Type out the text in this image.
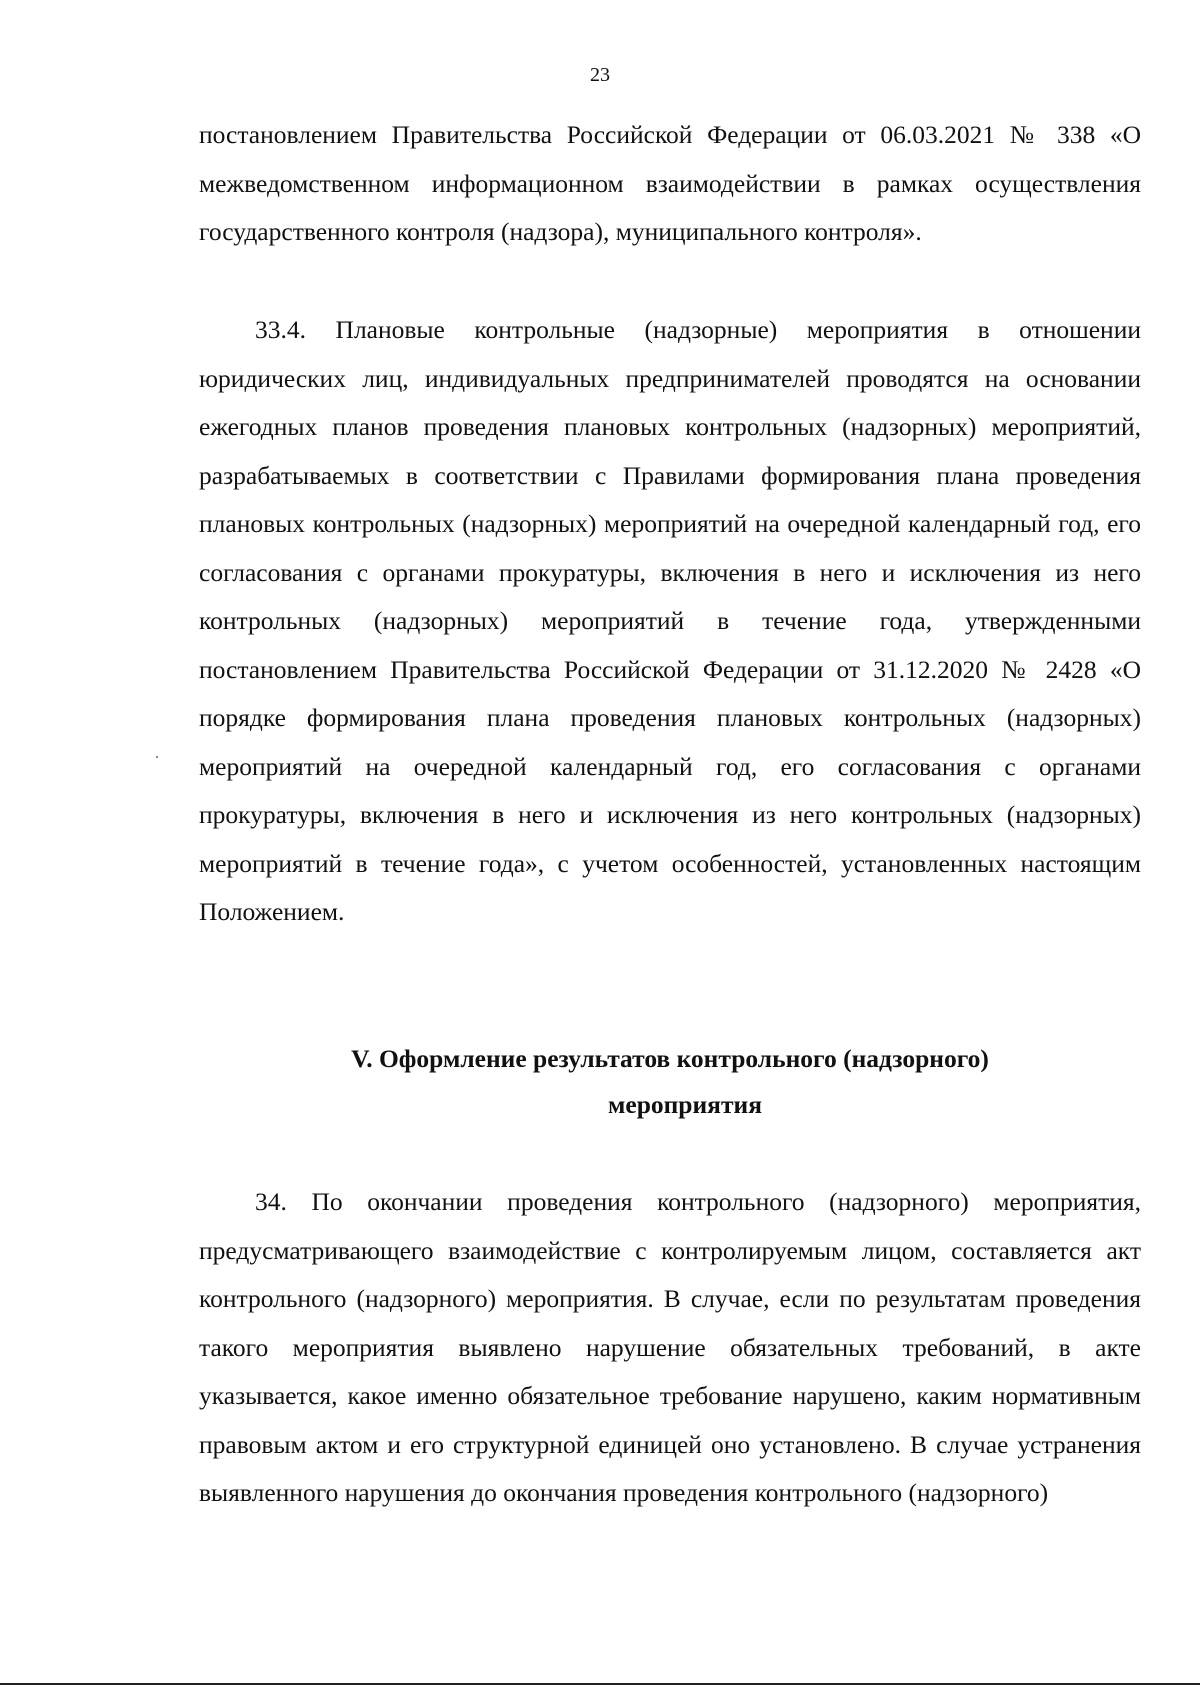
23

постановлением Правительства Российской Федерации от 06.03.2021 № 338 «О межведомственном информационном взаимодействии в рамках осуществления государственного контроля (надзора), муниципального контроля».

33.4. Плановые контрольные (надзорные) мероприятия в отношении юридических лиц, индивидуальных предпринимателей проводятся на основании ежегодных планов проведения плановых контрольных (надзорных) мероприятий, разрабатываемых в соответствии с Правилами формирования плана проведения плановых контрольных (надзорных) мероприятий на очередной календарный год, его согласования с органами прокуратуры, включения в него и исключения из него контрольных (надзорных) мероприятий в течение года, утвержденными постановлением Правительства Российской Федерации от 31.12.2020 № 2428 «О порядке формирования плана проведения плановых контрольных (надзорных) мероприятий на очередной календарный год, его согласования с органами прокуратуры, включения в него и исключения из него контрольных (надзорных) мероприятий в течение года», с учетом особенностей, установленных настоящим Положением.

V. Оформление результатов контрольного (надзорного)
мероприятия

34. По окончании проведения контрольного (надзорного) мероприятия, предусматривающего взаимодействие с контролируемым лицом, составляется акт контрольного (надзорного) мероприятия. В случае, если по результатам проведения такого мероприятия выявлено нарушение обязательных требований, в акте указывается, какое именно обязательное требование нарушено, каким нормативным правовым актом и его структурной единицей оно установлено. В случае устранения выявленного нарушения до окончания проведения контрольного (надзорного)
